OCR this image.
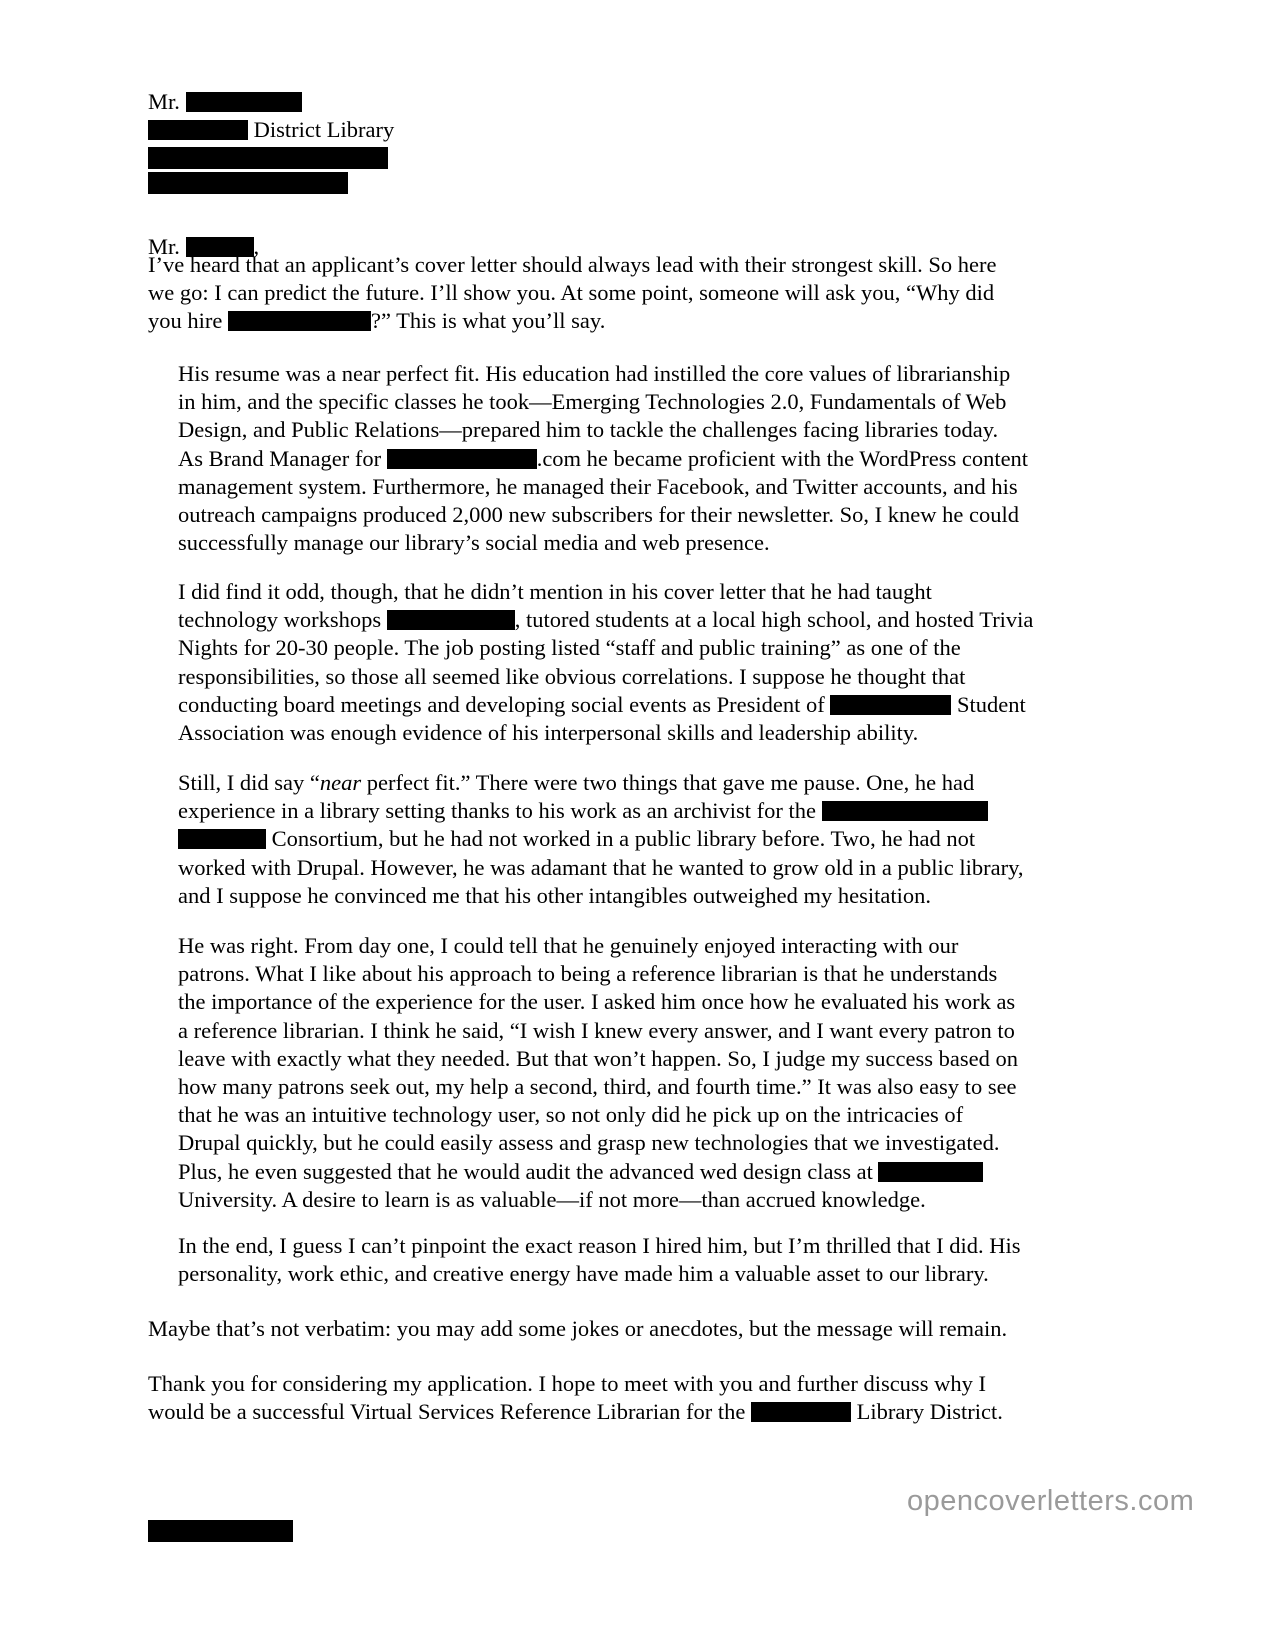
Mr.
District Library
Mr.	,
I’ve heard that an applicant’s cover letter should always lead with their strongest skill. So here
we go: I can predict the future. I’ll show you. At some point, someone will ask you, “Why did
you hire	?” This is what you’ll say.
His resume was a near perfect fit. His education had instilled the core values of librarianship
in him, and the specific classes he took—Emerging Technologies 2.0, Fundamentals of Web
Design, and Public Relations—prepared him to tackle the challenges facing libraries today.
As Brand Manager for	.com he became proficient with the WordPress content
management system. Furthermore, he managed their Facebook, and Twitter accounts, and his
outreach campaigns produced 2,000 new subscribers for their newsletter. So, I knew he could
successfully manage our library’s social media and web presence.
I did find it odd, though, that he didn’t mention in his cover letter that he had taught
technology workshops	, tutored students at a local high school, and hosted Trivia
Nights for 20-30 people. The job posting listed “staff and public training” as one of the
responsibilities, so those all seemed like obvious correlations. I suppose he thought that
conducting board meetings and developing social events as President of	Student
Association was enough evidence of his interpersonal skills and leadership ability.
Still, I did say “near perfect fit.” There were two things that gave me pause. One, he had
experience in a library setting thanks to his work as an archivist for the
Consortium, but he had not worked in a public library before. Two, he had not
worked with Drupal. However, he was adamant that he wanted to grow old in a public library,
and I suppose he convinced me that his other intangibles outweighed my hesitation.
He was right. From day one, I could tell that he genuinely enjoyed interacting with our
patrons. What I like about his approach to being a reference librarian is that he understands
the importance of the experience for the user. I asked him once how he evaluated his work as
a reference librarian. I think he said, “I wish I knew every answer, and I want every patron to
leave with exactly what they needed. But that won’t happen. So, I judge my success based on
how many patrons seek out, my help a second, third, and fourth time.” It was also easy to see
that he was an intuitive technology user, so not only did he pick up on the intricacies of
Drupal quickly, but he could easily assess and grasp new technologies that we investigated.
Plus, he even suggested that he would audit the advanced wed design class at
University. A desire to learn is as valuable—if not more—than accrued knowledge.
In the end, I guess I can’t pinpoint the exact reason I hired him, but I’m thrilled that I did. His
personality, work ethic, and creative energy have made him a valuable asset to our library.
Maybe that’s not verbatim: you may add some jokes or anecdotes, but the message will remain.
Thank you for considering my application. I hope to meet with you and further discuss why I
would be a successful Virtual Services Reference Librarian for the	Library District.
opencoverletters.com
